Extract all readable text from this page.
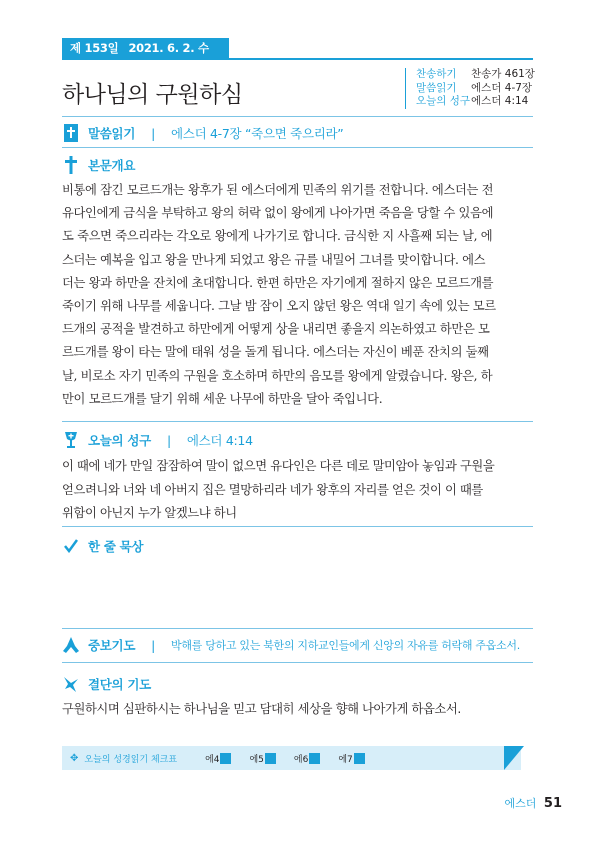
제 153일 2021. 6. 2. 수
하나님의 구원하심
찬송하기	찬송가 461장
말씀읽기	에스더 4-7장
오늘의 성구 에스더 4:14
말씀읽기 | 에스더 4-7장 “죽으면 죽으리라”
본문개요
비통에 잠긴 모르드개는 왕후가 된 에스더에게 민족의 위기를 전합니다. 에스더는 전
유다인에게 금식을 부탁하고 왕의 허락 없이 왕에게 나아가면 죽음을 당할 수 있음에
도 죽으면 죽으리라는 각오로 왕에게 나가기로 합니다. 금식한 지 사흘째 되는 날, 에
스더는 예복을 입고 왕을 만나게 되었고 왕은 규를 내밀어 그녀를 맞이합니다. 에스
더는 왕과 하만을 잔치에 초대합니다. 한편 하만은 자기에게 절하지 않은 모르드개를
죽이기 위해 나무를 세웁니다. 그날 밤 잠이 오지 않던 왕은 역대 일기 속에 있는 모르
드개의 공적을 발견하고 하만에게 어떻게 상을 내리면 좋을지 의논하였고 하만은 모
르드개를 왕이 타는 말에 태워 성을 돌게 됩니다. 에스더는 자신이 베푼 잔치의 둘째
날, 비로소 자기 민족의 구원을 호소하며 하만의 음모를 왕에게 알렸습니다. 왕은, 하
만이 모르드개를 달기 위해 세운 나무에 하만을 달아 죽입니다.
오늘의 성구 | 에스더 4:14
이 때에 네가 만일 잠잠하여 말이 없으면 유다인은 다른 데로 말미암아 놓임과 구원을
얻으려니와 너와 네 아버지 집은 멸망하리라 네가 왕후의 자리를 얻은 것이 이 때를
위함이 아닌지 누가 알겠느냐 하니
한 줄 묵상
중보기도 | 박해를 당하고 있는 북한의 지하교인들에게 신앙의 자유를 허락해 주옵소서.
결단의 기도
구원하시며 심판하시는 하나님을 믿고 담대히 세상을 향해 나아가게 하옵소서.
✥ 오늘의 성경읽기 체크표	에4	에5	에6	에7
에스더 51
